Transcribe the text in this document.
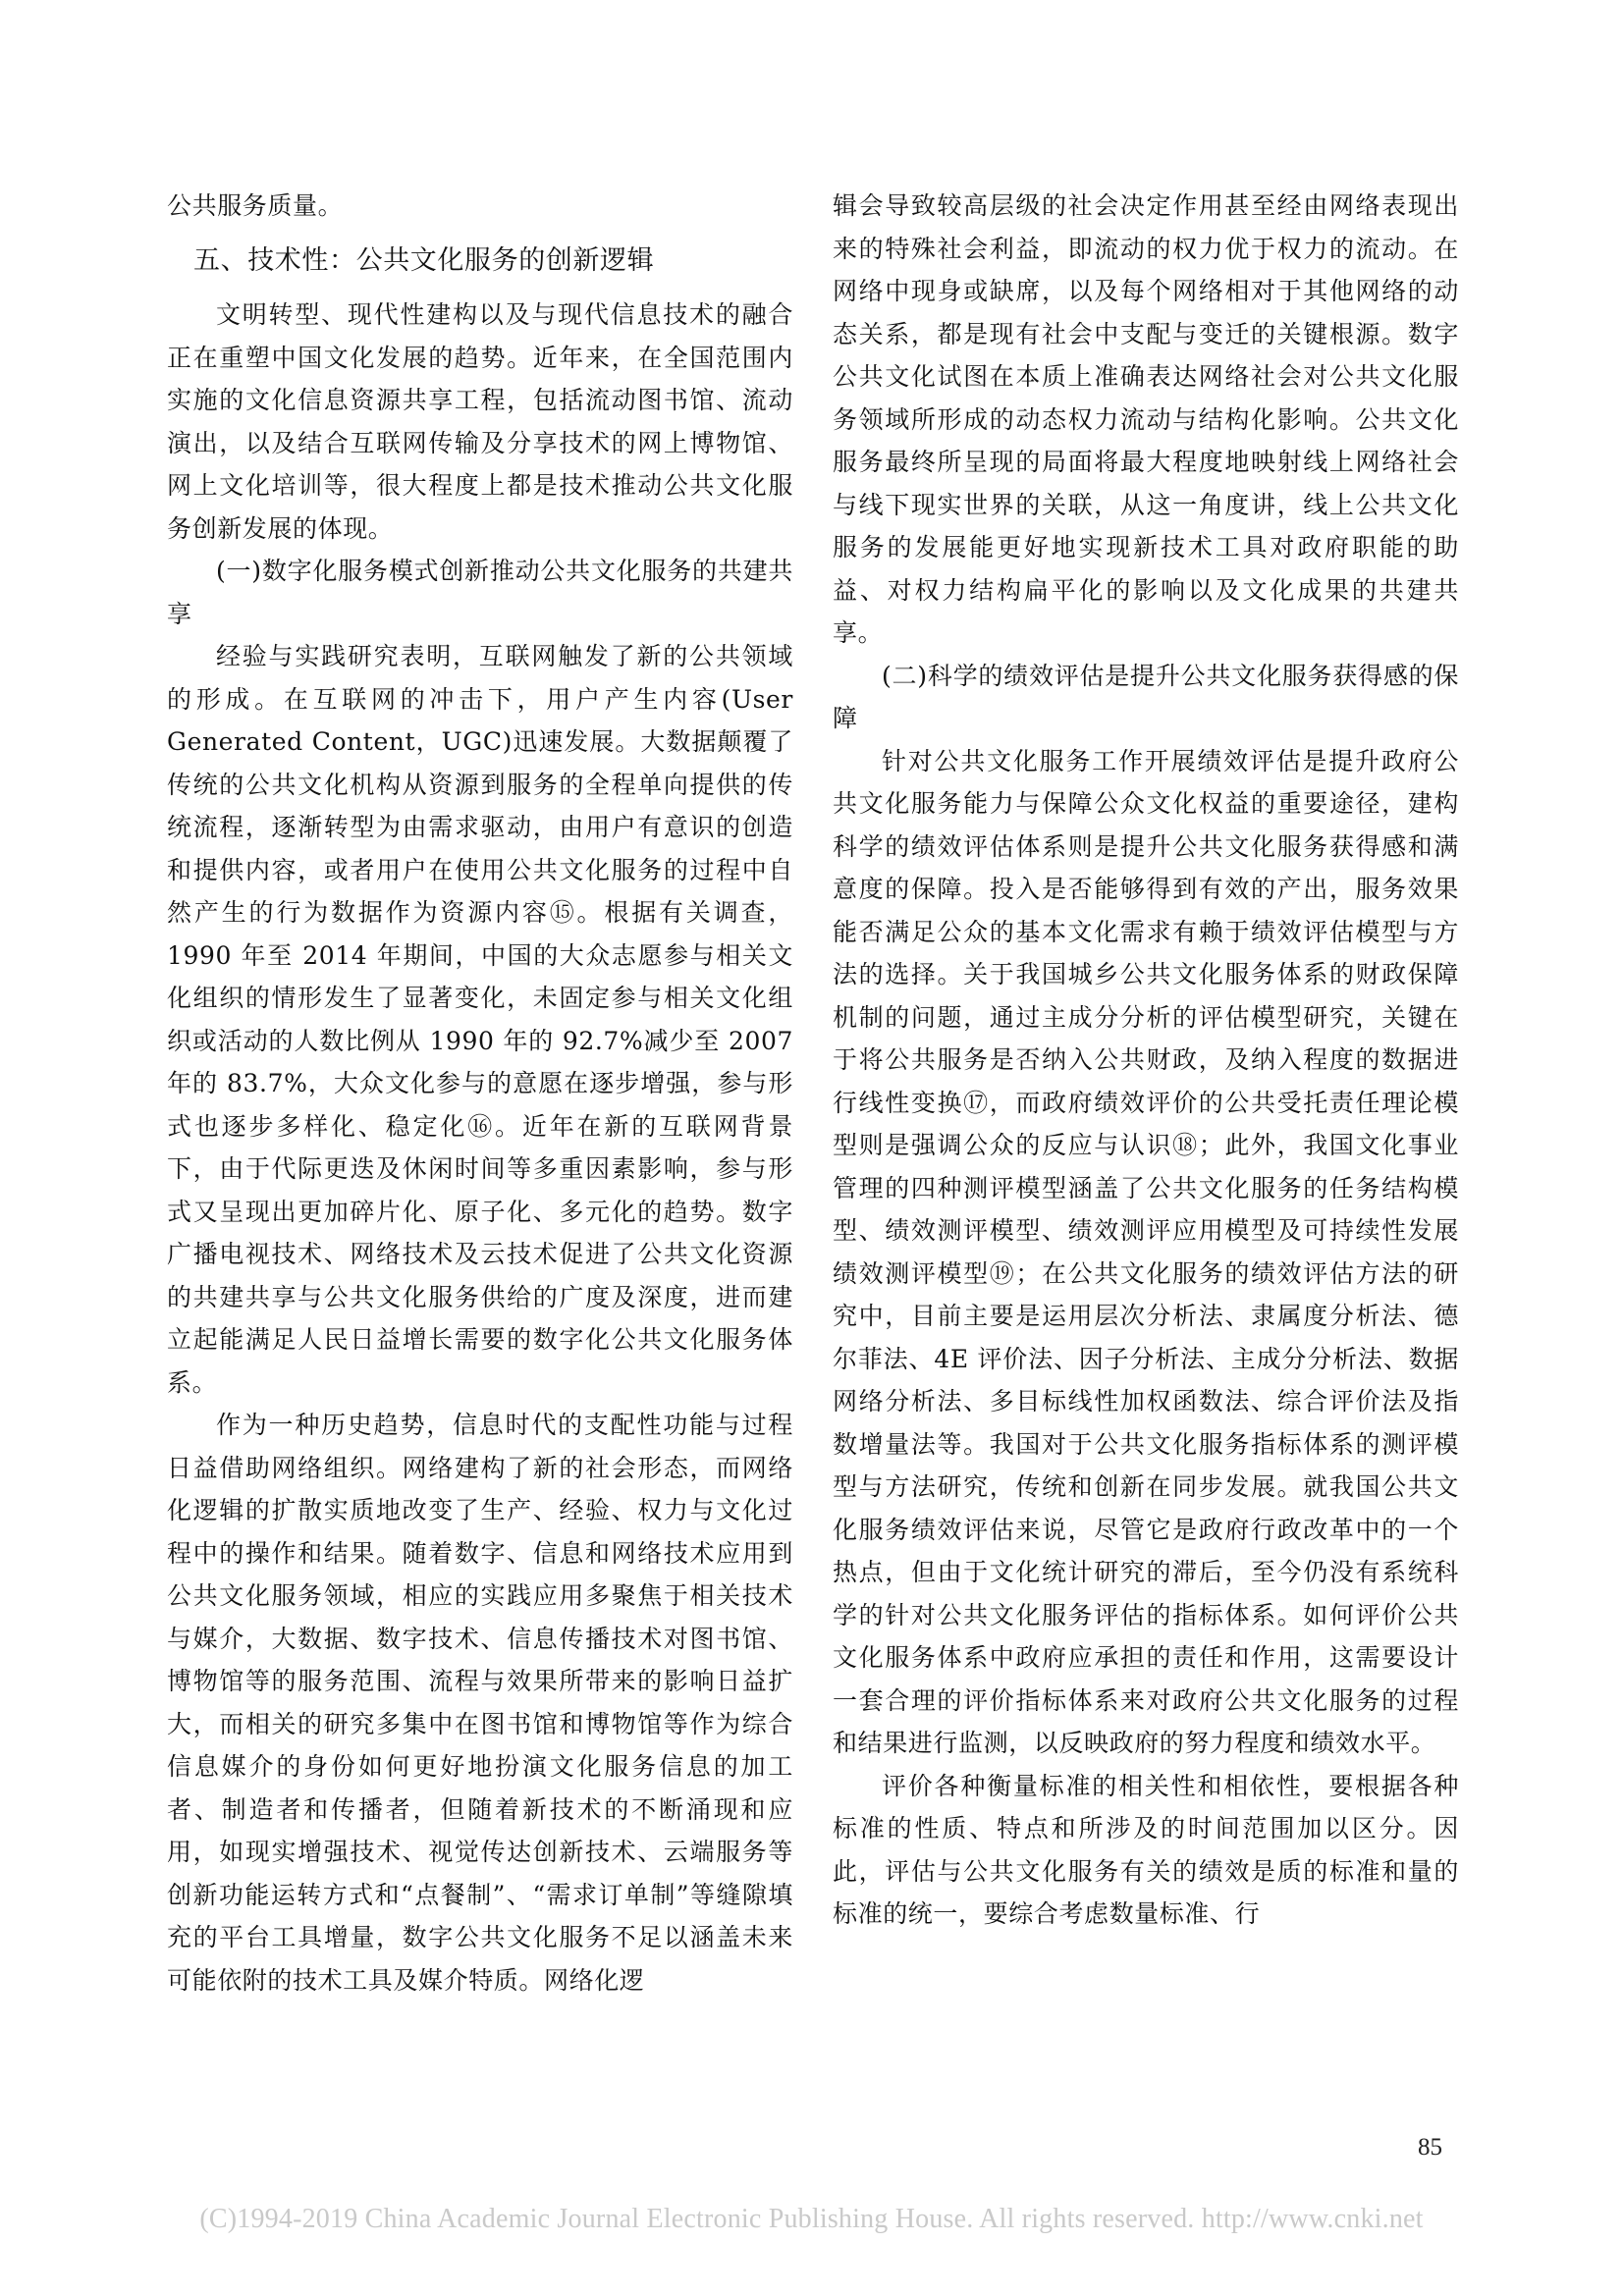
公共服务质量。

五、技术性：公共文化服务的创新逻辑

文明转型、现代性建构以及与现代信息技术的融合正在重塑中国文化发展的趋势。近年来，在全国范围内实施的文化信息资源共享工程，包括流动图书馆、流动演出，以及结合互联网传输及分享技术的网上博物馆、网上文化培训等，很大程度上都是技术推动公共文化服务创新发展的体现。

(一)数字化服务模式创新推动公共文化服务的共建共享

经验与实践研究表明，互联网触发了新的公共领域的形成。在互联网的冲击下，用户产生内容(User Generated Content，UGC)迅速发展。大数据颠覆了传统的公共文化机构从资源到服务的全程单向提供的传统流程，逐渐转型为由需求驱动，由用户有意识的创造和提供内容，或者用户在使用公共文化服务的过程中自然产生的行为数据作为资源内容⑮。根据有关调查，1990 年至 2014 年期间，中国的大众志愿参与相关文化组织的情形发生了显著变化，未固定参与相关文化组织或活动的人数比例从 1990 年的 92.7%减少至 2007 年的 83.7%，大众文化参与的意愿在逐步增强，参与形式也逐步多样化、稳定化⑯。近年在新的互联网背景下，由于代际更迭及休闲时间等多重因素影响，参与形式又呈现出更加碎片化、原子化、多元化的趋势。数字广播电视技术、网络技术及云技术促进了公共文化资源的共建共享与公共文化服务供给的广度及深度，进而建立起能满足人民日益增长需要的数字化公共文化服务体系。

作为一种历史趋势，信息时代的支配性功能与过程日益借助网络组织。网络建构了新的社会形态，而网络化逻辑的扩散实质地改变了生产、经验、权力与文化过程中的操作和结果。随着数字、信息和网络技术应用到公共文化服务领域，相应的实践应用多聚焦于相关技术与媒介，大数据、数字技术、信息传播技术对图书馆、博物馆等的服务范围、流程与效果所带来的影响日益扩大，而相关的研究多集中在图书馆和博物馆等作为综合信息媒介的身份如何更好地扮演文化服务信息的加工者、制造者和传播者，但随着新技术的不断涌现和应用，如现实增强技术、视觉传达创新技术、云端服务等创新功能运转方式和“点餐制”、“需求订单制”等缝隙填充的平台工具增量，数字公共文化服务不足以涵盖未来可能依附的技术工具及媒介特质。网络化逻

辑会导致较高层级的社会决定作用甚至经由网络表现出来的特殊社会利益，即流动的权力优于权力的流动。在网络中现身或缺席，以及每个网络相对于其他网络的动态关系，都是现有社会中支配与变迁的关键根源。数字公共文化试图在本质上准确表达网络社会对公共文化服务领域所形成的动态权力流动与结构化影响。公共文化服务最终所呈现的局面将最大程度地映射线上网络社会与线下现实世界的关联，从这一角度讲，线上公共文化服务的发展能更好地实现新技术工具对政府职能的助益、对权力结构扁平化的影响以及文化成果的共建共享。

(二)科学的绩效评估是提升公共文化服务获得感的保障

针对公共文化服务工作开展绩效评估是提升政府公共文化服务能力与保障公众文化权益的重要途径，建构科学的绩效评估体系则是提升公共文化服务获得感和满意度的保障。投入是否能够得到有效的产出，服务效果能否满足公众的基本文化需求有赖于绩效评估模型与方法的选择。关于我国城乡公共文化服务体系的财政保障机制的问题，通过主成分分析的评估模型研究，关键在于将公共服务是否纳入公共财政，及纳入程度的数据进行线性变换⑰，而政府绩效评价的公共受托责任理论模型则是强调公众的反应与认识⑱；此外，我国文化事业管理的四种测评模型涵盖了公共文化服务的任务结构模型、绩效测评模型、绩效测评应用模型及可持续性发展绩效测评模型⑲；在公共文化服务的绩效评估方法的研究中，目前主要是运用层次分析法、隶属度分析法、德尔菲法、4E 评价法、因子分析法、主成分分析法、数据网络分析法、多目标线性加权函数法、综合评价法及指数增量法等。我国对于公共文化服务指标体系的测评模型与方法研究，传统和创新在同步发展。就我国公共文化服务绩效评估来说，尽管它是政府行政改革中的一个热点，但由于文化统计研究的滞后，至今仍没有系统科学的针对公共文化服务评估的指标体系。如何评价公共文化服务体系中政府应承担的责任和作用，这需要设计一套合理的评价指标体系来对政府公共文化服务的过程和结果进行监测，以反映政府的努力程度和绩效水平。

评价各种衡量标准的相关性和相依性，要根据各种标准的性质、特点和所涉及的时间范围加以区分。因此，评估与公共文化服务有关的绩效是质的标准和量的标准的统一，要综合考虑数量标准、行

85
(C)1994-2019 China Academic Journal Electronic Publishing House. All rights reserved. http://www.cnki.net
